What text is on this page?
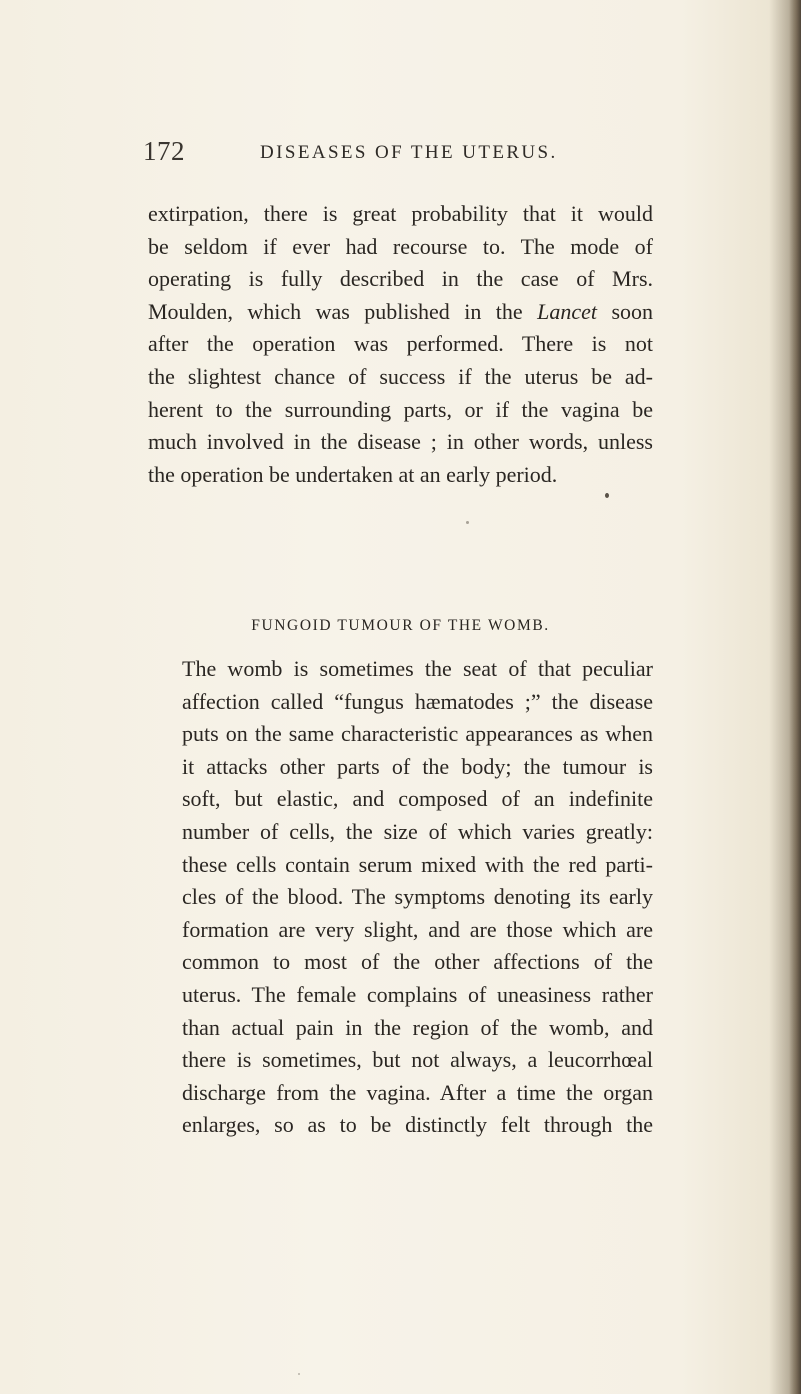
172	DISEASES OF THE UTERUS.
extirpation, there is great probability that it would
be seldom if ever had recourse to. The mode of
operating is fully described in the case of Mrs.
Moulden, which was published in the Lancet soon
after the operation was performed. There is not
the slightest chance of success if the uterus be ad-
herent to the surrounding parts, or if the vagina be
much involved in the disease ; in other words, unless
the operation be undertaken at an early period.
FUNGOID TUMOUR OF THE WOMB.
The womb is sometimes the seat of that peculiar
affection called “fungus hæmatodes ;” the disease
puts on the same characteristic appearances as when
it attacks other parts of the body; the tumour is
soft, but elastic, and composed of an indefinite
number of cells, the size of which varies greatly:
these cells contain serum mixed with the red parti-
cles of the blood. The symptoms denoting its early
formation are very slight, and are those which are
common to most of the other affections of the
uterus. The female complains of uneasiness rather
than actual pain in the region of the womb, and
there is sometimes, but not always, a leucorrhœal
discharge from the vagina. After a time the organ
enlarges, so as to be distinctly felt through the
